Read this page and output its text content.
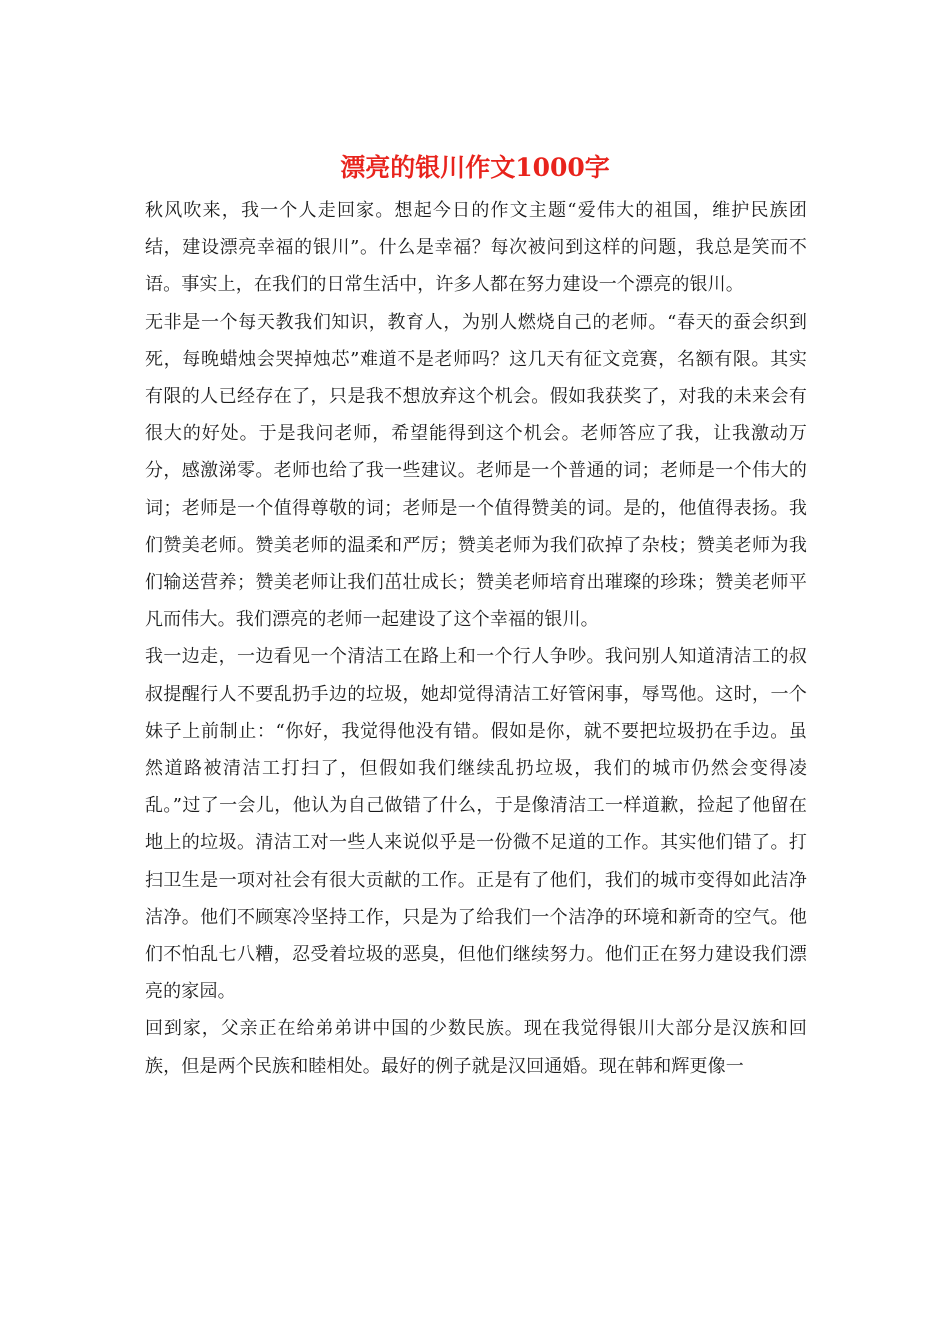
漂亮的银川作文1000字

秋风吹来，我一个人走回家。想起今日的作文主题“爱伟大的祖国，维护民族团结，建设漂亮幸福的银川”。什么是幸福？每次被问到这样的问题，我总是笑而不语。事实上，在我们的日常生活中，许多人都在努力建设一个漂亮的银川。

无非是一个每天教我们知识，教育人，为别人燃烧自己的老师。“春天的蚕会织到死，每晚蜡烛会哭掉烛芯”难道不是老师吗？这几天有征文竞赛，名额有限。其实有限的人已经存在了，只是我不想放弃这个机会。假如我获奖了，对我的未来会有很大的好处。于是我问老师，希望能得到这个机会。老师答应了我，让我激动万分，感激涕零。老师也给了我一些建议。老师是一个普通的词；老师是一个伟大的词；老师是一个值得尊敬的词；老师是一个值得赞美的词。是的，他值得表扬。我们赞美老师。赞美老师的温柔和严厉；赞美老师为我们砍掉了杂枝；赞美老师为我们输送营养；赞美老师让我们茁壮成长；赞美老师培育出璀璨的珍珠；赞美老师平凡而伟大。我们漂亮的老师一起建设了这个幸福的银川。

我一边走，一边看见一个清洁工在路上和一个行人争吵。我问别人知道清洁工的叔叔提醒行人不要乱扔手边的垃圾，她却觉得清洁工好管闲事，辱骂他。这时，一个妹子上前制止：“你好，我觉得他没有错。假如是你，就不要把垃圾扔在手边。虽然道路被清洁工打扫了，但假如我们继续乱扔垃圾，我们的城市仍然会变得凌乱。”过了一会儿，他认为自己做错了什么，于是像清洁工一样道歉，捡起了他留在地上的垃圾。清洁工对一些人来说似乎是一份微不足道的工作。其实他们错了。打扫卫生是一项对社会有很大贡献的工作。正是有了他们，我们的城市变得如此洁净洁净。他们不顾寒冷坚持工作，只是为了给我们一个洁净的环境和新奇的空气。他们不怕乱七八糟，忍受着垃圾的恶臭，但他们继续努力。他们正在努力建设我们漂亮的家园。

回到家，父亲正在给弟弟讲中国的少数民族。现在我觉得银川大部分是汉族和回族，但是两个民族和睦相处。最好的例子就是汉回通婚。现在韩和辉更像一
